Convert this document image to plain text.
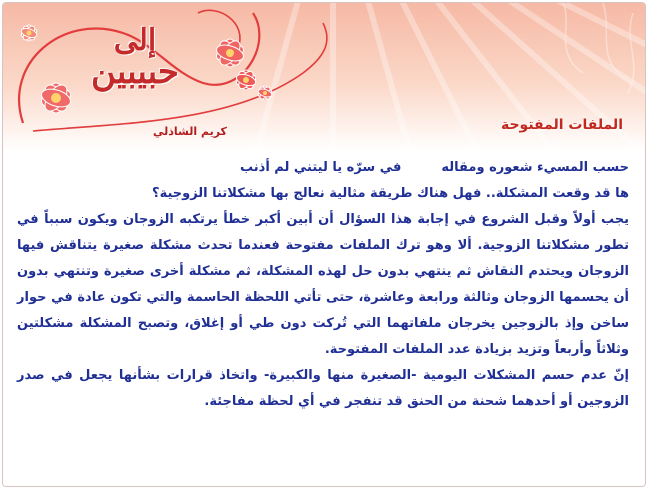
إلى
حبيبين
كريم الشاذلي	الملفات المفتوحة
حسب المسيء شعوره ومقاله
في سرّه يا ليتني لم أذنب

ها قد وقعت المشكلة.. فهل هناك طريقة مثالية نعالج بها مشكلاتنا الزوجية؟

يجب أولاً وقبل الشروع في إجابة هذا السؤال أن أبين أكبر خطأ يرتكبه الزوجان ويكون سبباً في تطور مشكلاتنا الزوجية. ألا وهو ترك الملفات مفتوحة فعندما تحدث مشكلة صغيرة يتناقش فيها الزوجان ويحتدم النقاش ثم ينتهي بدون حل لهذه المشكلة، ثم مشكلة أخرى صغيرة وتنتهي بدون أن يحسمها الزوجان وثالثة ورابعة وعاشرة، حتى تأتي اللحظة الحاسمة والتي تكون عادة في حوار ساخن وإذ بالزوجين يخرجان ملفاتهما التي تُركت دون طي أو إغلاق، وتصبح المشكلة مشكلتين وثلاثاً وأربعاً وتزيد بزيادة عدد الملفات المفتوحة.

إنّ عدم حسم المشكلات اليومية -الصغيرة منها والكبيرة- واتخاذ قرارات بشأنها يجعل في صدر الزوجين أو أحدهما شحنة من الحنق قد تنفجر في أي لحظة مفاجئة.
